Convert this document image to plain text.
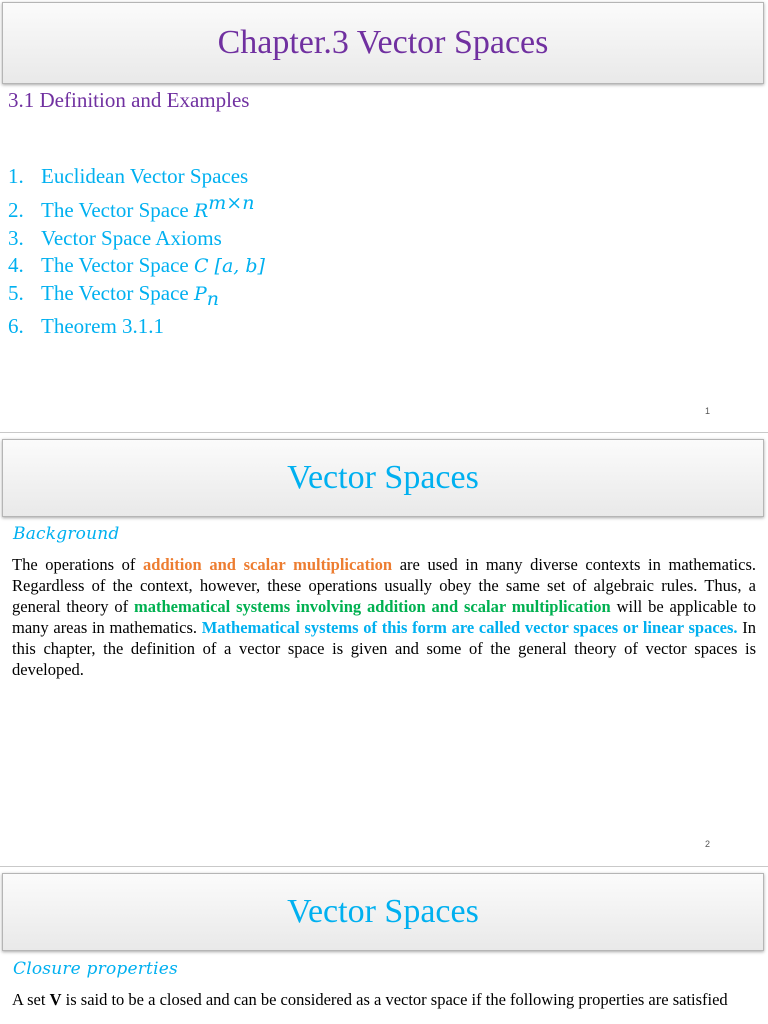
Chapter.3 Vector Spaces
3.1 Definition and Examples
1. Euclidean Vector Spaces
2. The Vector Space $R^{m\times n}$
3. Vector Space Axioms
4. The Vector Space C [a, b]
5. The Vector Space $P_n$
6. Theorem 3.1.1
1
Vector Spaces
Background

The operations of addition and scalar multiplication are used in many diverse contexts in mathematics. Regardless of the context, however, these operations usually obey the same set of algebraic rules. Thus, a general theory of mathematical systems involving addition and scalar multiplication will be applicable to many areas in mathematics. Mathematical systems of this form are called vector spaces or linear spaces. In this chapter, the definition of a vector space is given and some of the general theory of vector spaces is developed.

2
Vector Spaces
Closure properties

A set V is said to be a closed and can be considered as a vector space if the following properties are satisfied
